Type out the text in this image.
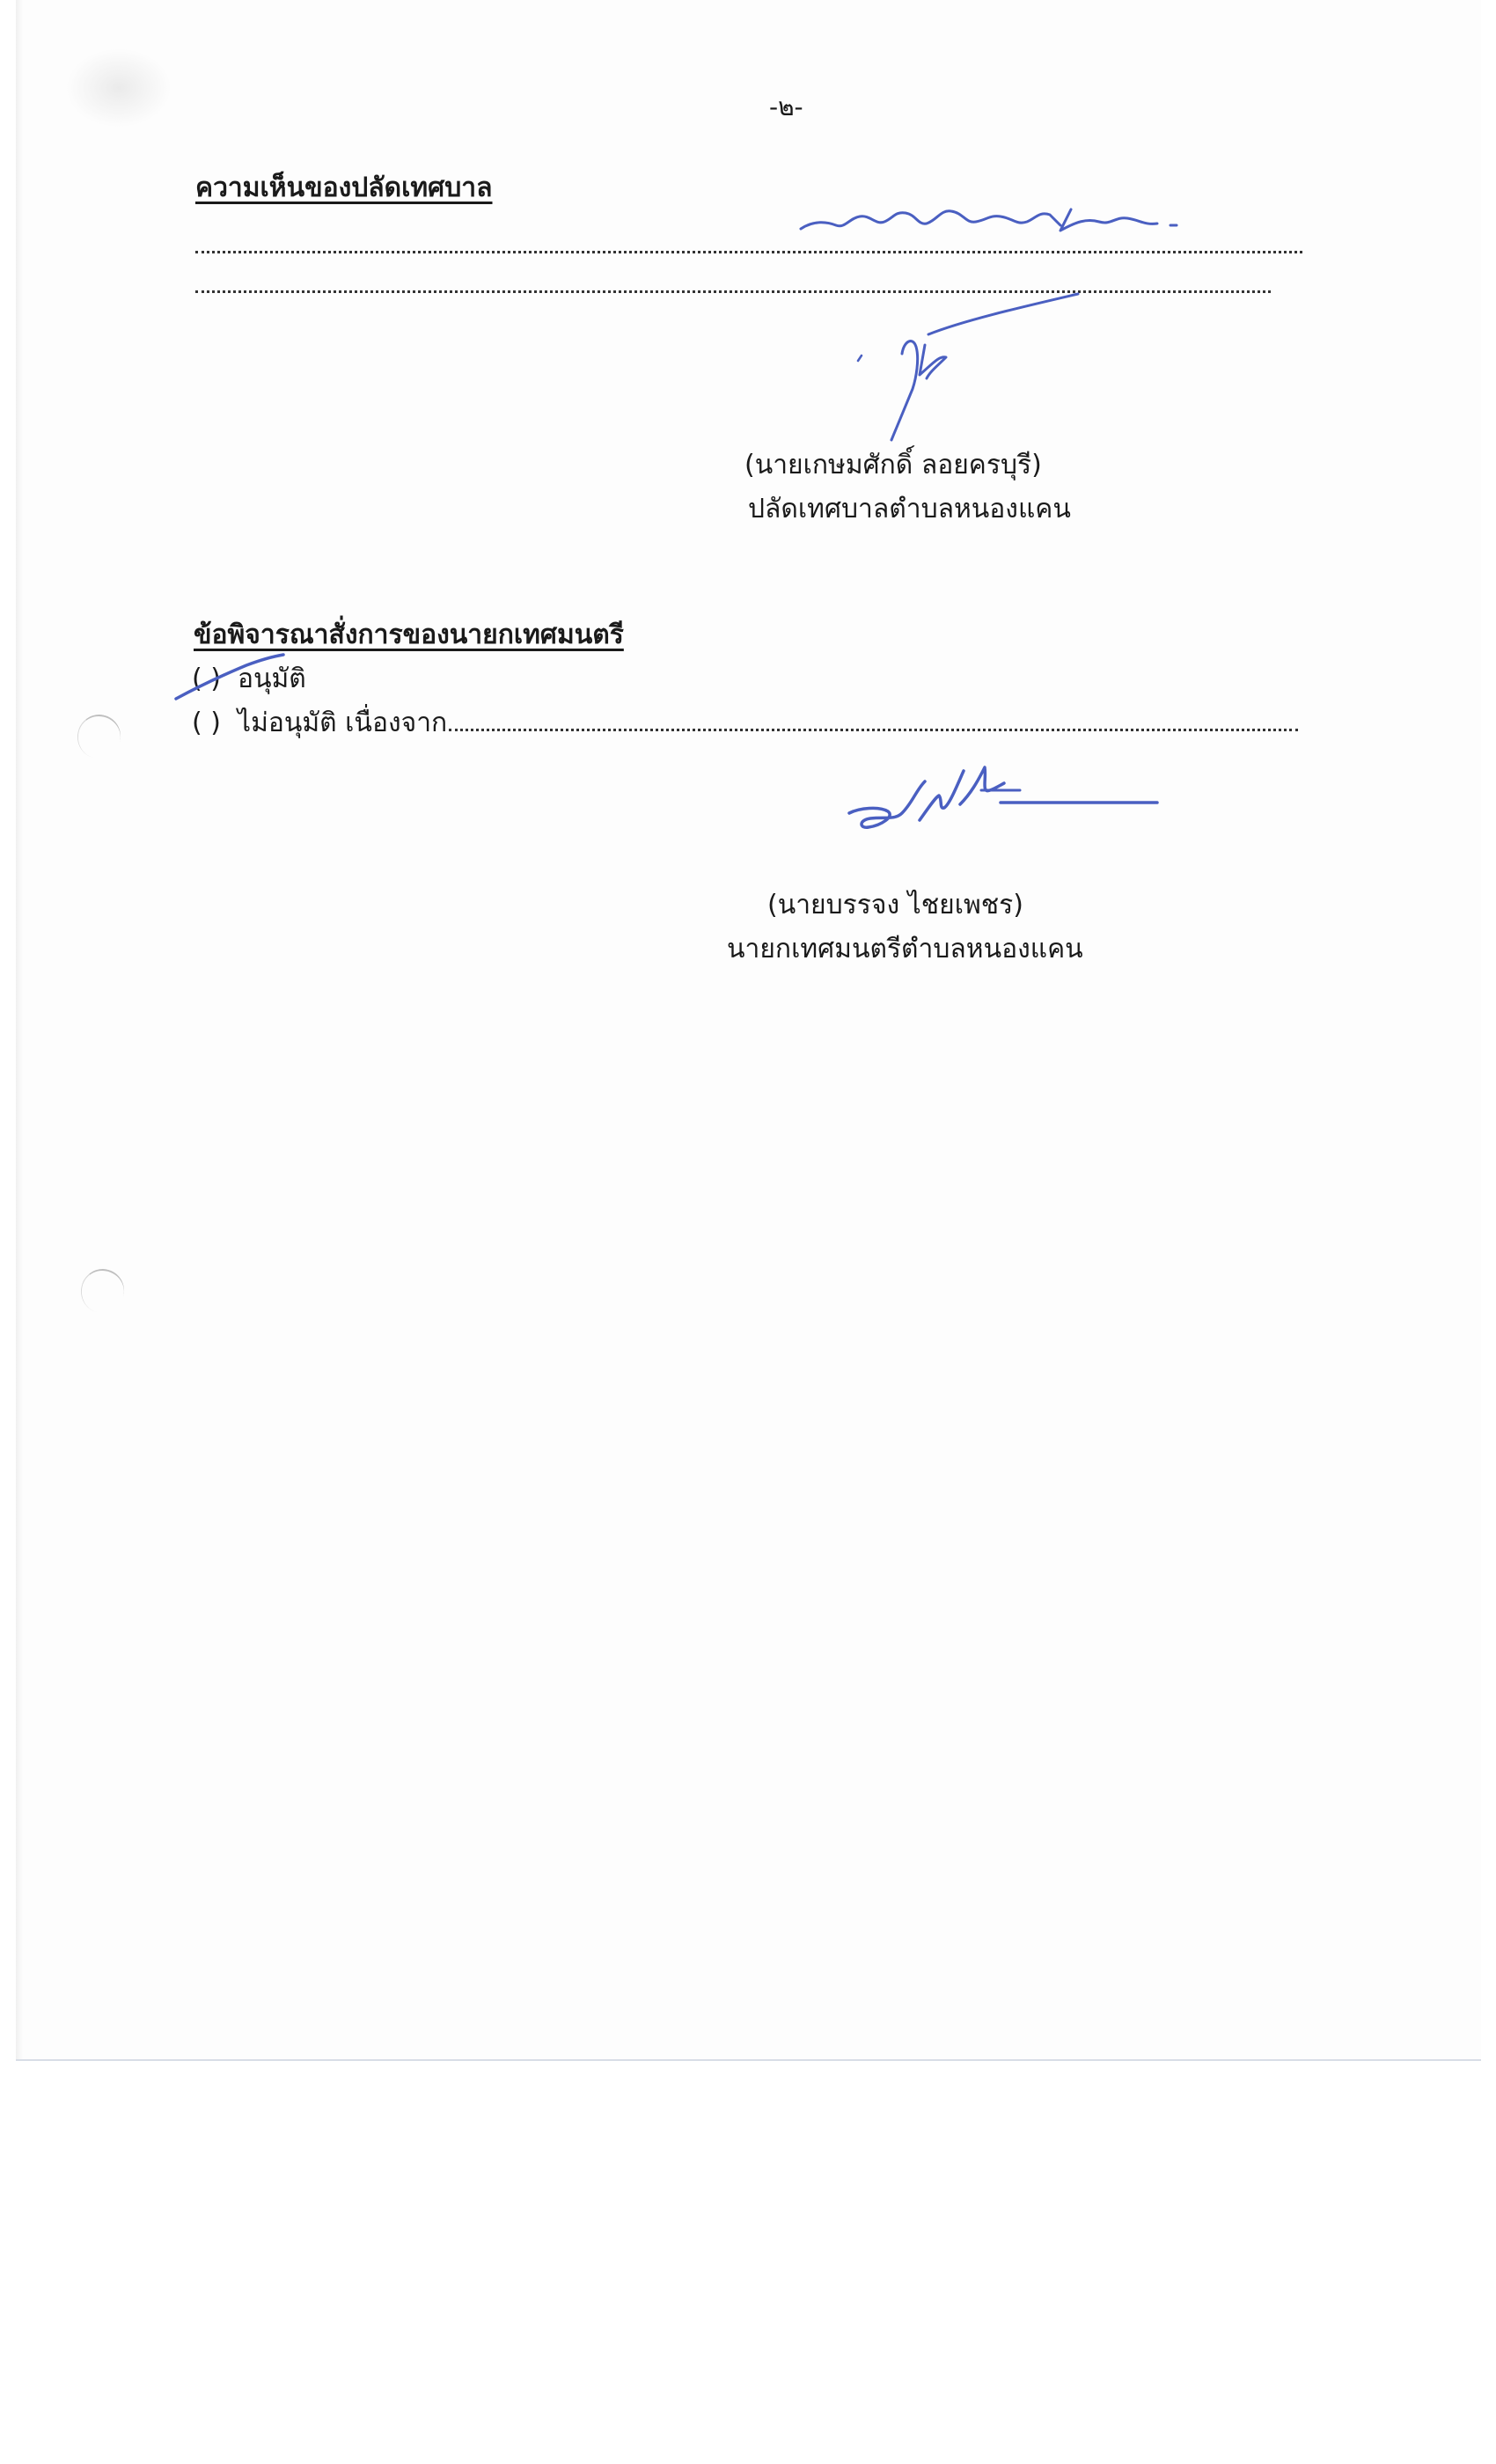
-๒-
ความเห็นของปลัดเทศบาล
(นายเกษมศักดิ์ ลอยครบุรี)
ปลัดเทศบาลตำบลหนองแคน
ข้อพิจารณาสั่งการของนายกเทศมนตรี
( ) อนุมัติ
( ) ไม่อนุมัติ เนื่องจาก
(นายบรรจง ไชยเพชร)
นายกเทศมนตรีตำบลหนองแคน
